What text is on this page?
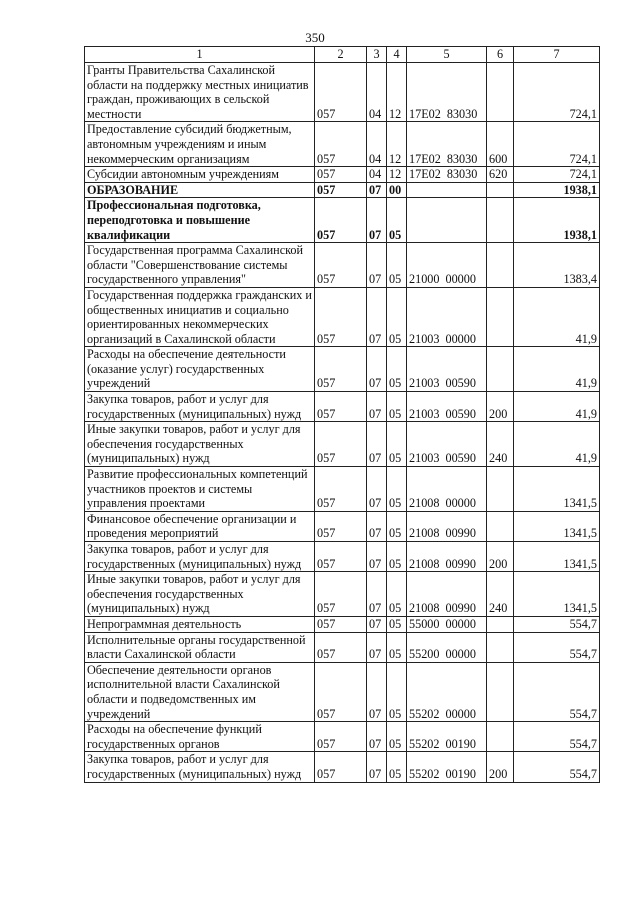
350
1	2	3	4	5	6	7
Гранты Правительства Сахалинской области на поддержку местных инициатив граждан, проживающих в сельской местности	057	04	12	17Е02 83030		724,1
Предоставление субсидий бюджетным, автономным учреждениям и иным некоммерческим организациям	057	04	12	17Е02 83030	600	724,1
Субсидии автономным учреждениям	057	04	12	17Е02 83030	620	724,1
ОБРАЗОВАНИЕ	057	07	00			1938,1
Профессиональная подготовка, переподготовка и повышение квалификации	057	07	05			1938,1
Государственная программа Сахалинской области "Совершенствование системы государственного управления"	057	07	05	21000 00000		1383,4
Государственная поддержка гражданских и общественных инициатив и социально ориентированных некоммерческих организаций в Сахалинской области	057	07	05	21003 00000		41,9
Расходы на обеспечение деятельности (оказание услуг) государственных учреждений	057	07	05	21003 00590		41,9
Закупка товаров, работ и услуг для государственных (муниципальных) нужд	057	07	05	21003 00590	200	41,9
Иные закупки товаров, работ и услуг для обеспечения государственных (муниципальных) нужд	057	07	05	21003 00590	240	41,9
Развитие профессиональных компетенций участников проектов и системы управления проектами	057	07	05	21008 00000		1341,5
Финансовое обеспечение организации и проведения мероприятий	057	07	05	21008 00990		1341,5
Закупка товаров, работ и услуг для государственных (муниципальных) нужд	057	07	05	21008 00990	200	1341,5
Иные закупки товаров, работ и услуг для обеспечения государственных (муниципальных) нужд	057	07	05	21008 00990	240	1341,5
Непрограммная деятельность	057	07	05	55000 00000		554,7
Исполнительные органы государственной власти Сахалинской области	057	07	05	55200 00000		554,7
Обеспечение деятельности органов исполнительной власти Сахалинской области и подведомственных им учреждений	057	07	05	55202 00000		554,7
Расходы на обеспечение функций государственных органов	057	07	05	55202 00190		554,7
Закупка товаров, работ и услуг для государственных (муниципальных) нужд	057	07	05	55202 00190	200	554,7
